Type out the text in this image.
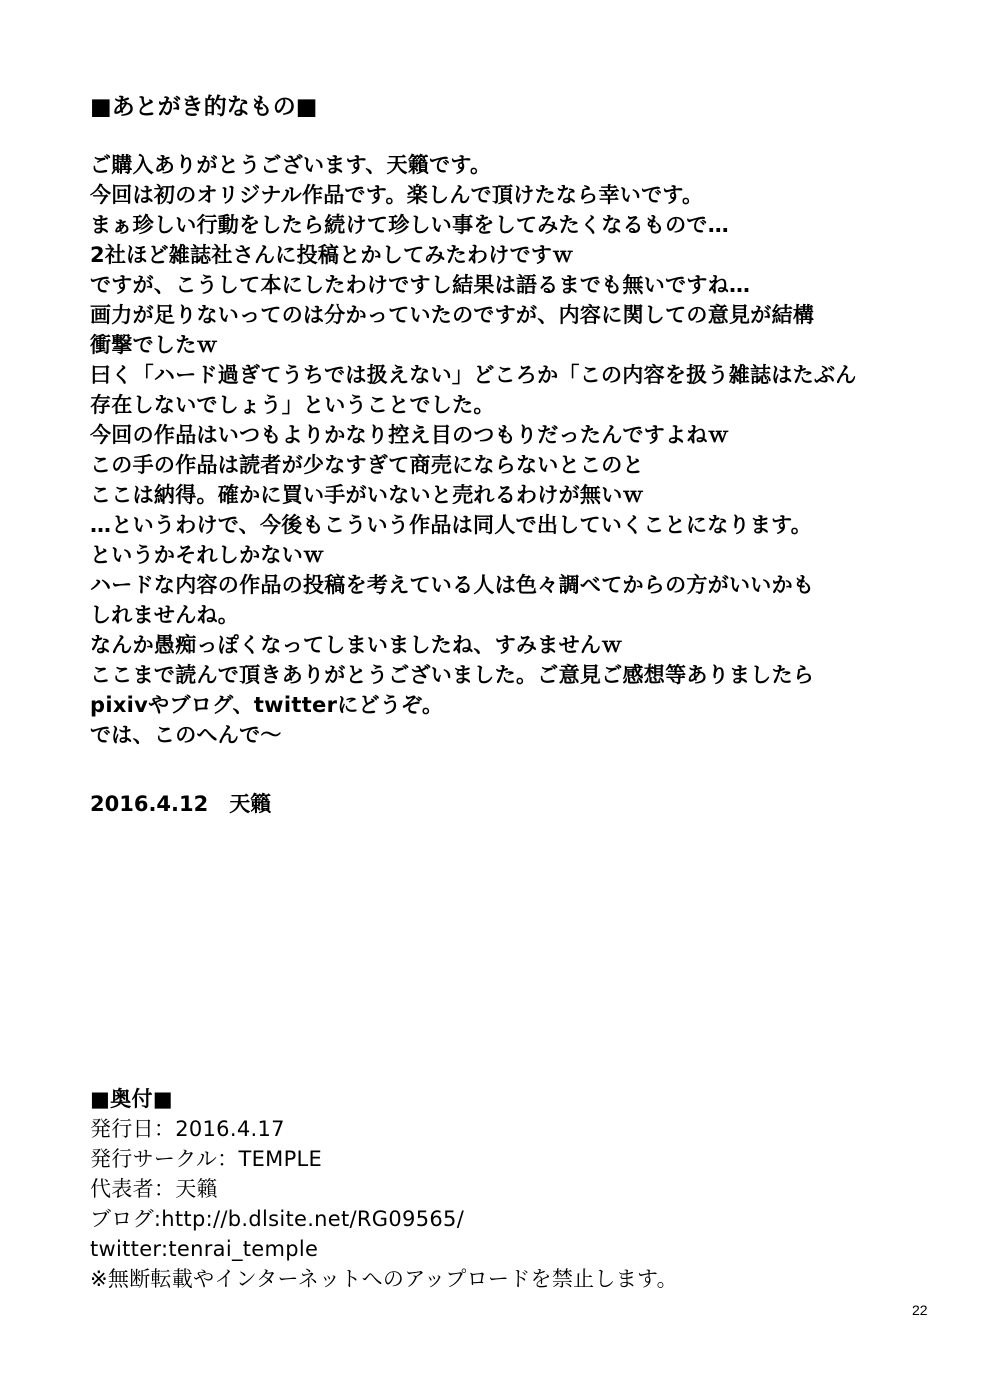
■あとがき的なもの■
ご購入ありがとうございます、天籟です。
今回は初のオリジナル作品です。楽しんで頂けたなら幸いです。
まぁ珍しい行動をしたら続けて珍しい事をしてみたくなるもので…
2社ほど雑誌社さんに投稿とかしてみたわけですｗ
ですが、こうして本にしたわけですし結果は語るまでも無いですね…
画力が足りないってのは分かっていたのですが、内容に関しての意見が結構
衝撃でしたｗ
曰く「ハード過ぎてうちでは扱えない」どころか「この内容を扱う雑誌はたぶん
存在しないでしょう」ということでした。
今回の作品はいつもよりかなり控え目のつもりだったんですよねｗ
この手の作品は読者が少なすぎて商売にならないとこのと
ここは納得。確かに買い手がいないと売れるわけが無いｗ
…というわけで、今後もこういう作品は同人で出していくことになります。
というかそれしかないｗ
ハードな内容の作品の投稿を考えている人は色々調べてからの方がいいかも
しれませんね。
なんか愚痴っぽくなってしまいましたね、すみませんｗ
ここまで読んで頂きありがとうございました。ご意見ご感想等ありましたら
pixivやブログ、twitterにどうぞ。
では、このへんで～
2016.4.12　天籟
■奥付■
発行日：2016.4.17
発行サークル：TEMPLE
代表者：天籟
ブログ:http://b.dlsite.net/RG09565/
twitter:tenrai_temple
※無断転載やインターネットへのアップロードを禁止します。
22
